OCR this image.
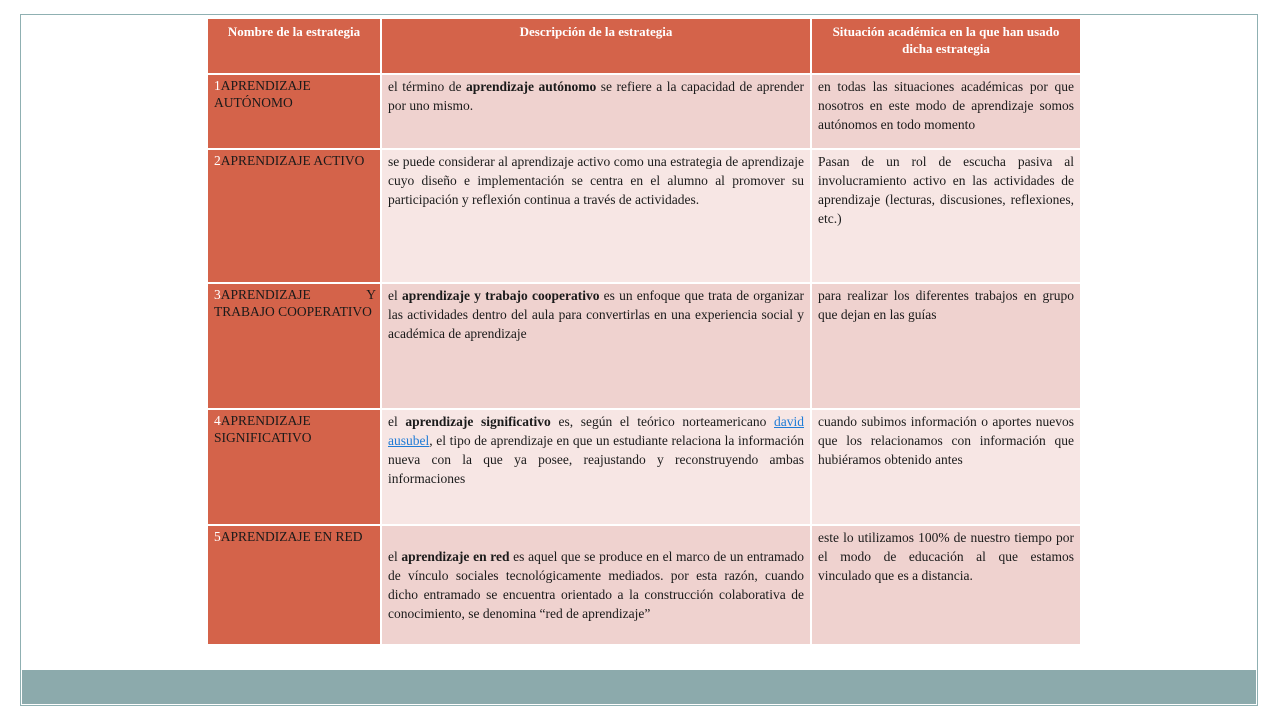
Nombre de la estrategia	Descripción de la estrategia	Situación académica en la que han usado dicha estrategia
1APRENDIZAJE AUTÓNOMO	el término de aprendizaje autónomo se refiere a la capacidad de aprender por uno mismo.	en todas las situaciones académicas por que nosotros en este modo de aprendizaje somos autónomos en todo momento
2APRENDIZAJE ACTIVO	se puede considerar al aprendizaje activo como una estrategia de aprendizaje cuyo diseño e implementación se centra en el alumno al promover su participación y reflexión continua a través de actividades.	Pasan de un rol de escucha pasiva al involucramiento activo en las actividades de aprendizaje (lecturas, discusiones, reflexiones, etc.)
3APRENDIZAJE Y TRABAJO COOPERATIVO	el aprendizaje y trabajo cooperativo es un enfoque que trata de organizar las actividades dentro del aula para convertirlas en una experiencia social y académica de aprendizaje	para realizar los diferentes trabajos en grupo que dejan en las guías
4APRENDIZAJE SIGNIFICATIVO	el aprendizaje significativo es, según el teórico norteamericano david ausubel, el tipo de aprendizaje en que un estudiante relaciona la información nueva con la que ya posee, reajustando y reconstruyendo ambas informaciones	cuando subimos información o aportes nuevos que los relacionamos con información que hubiéramos obtenido antes
5APRENDIZAJE EN RED	el aprendizaje en red es aquel que se produce en el marco de un entramado de vínculo sociales tecnológicamente mediados. por esta razón, cuando dicho entramado se encuentra orientado a la construcción colaborativa de conocimiento, se denomina “red de aprendizaje”	este lo utilizamos 100% de nuestro tiempo por el modo de educación al que estamos vinculado que es a distancia.
